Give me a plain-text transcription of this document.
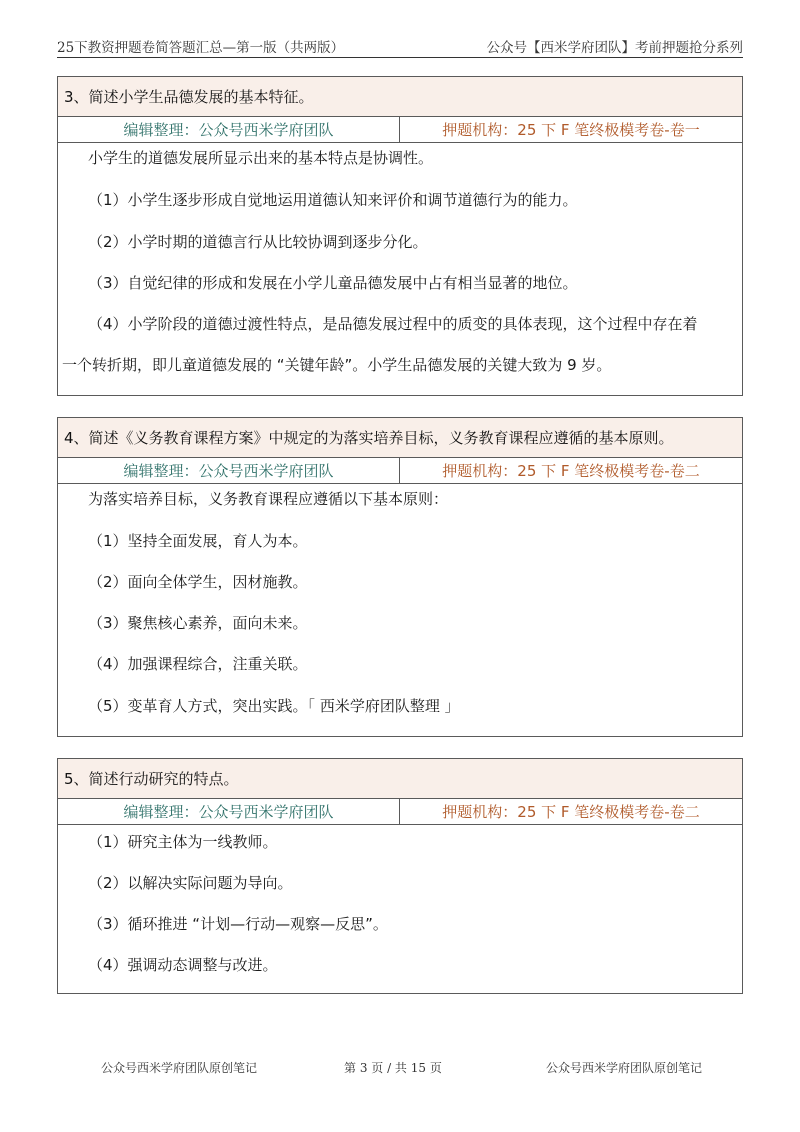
25下教资押题卷简答题汇总—第一版（共两版）	公众号【西米学府团队】考前押题抢分系列
3、简述小学生品德发展的基本特征。
编辑整理：公众号西米学府团队	押题机构：25 下 F 笔终极模考卷-卷一
小学生的道德发展所显示出来的基本特点是协调性。
（1）小学生逐步形成自觉地运用道德认知来评价和调节道德行为的能力。
（2）小学时期的道德言行从比较协调到逐步分化。
（3）自觉纪律的形成和发展在小学儿童品德发展中占有相当显著的地位。
（4）小学阶段的道德过渡性特点，是品德发展过程中的质变的具体表现，这个过程中存在着
一个转折期，即儿童道德发展的 “关键年龄”。小学生品德发展的关键大致为 9 岁。
4、简述《义务教育课程方案》中规定的为落实培养目标，义务教育课程应遵循的基本原则。
编辑整理：公众号西米学府团队	押题机构：25 下 F 笔终极模考卷-卷二
为落实培养目标，义务教育课程应遵循以下基本原则：
（1）坚持全面发展，育人为本。
（2）面向全体学生，因材施教。
（3）聚焦核心素养，面向未来。
（4）加强课程综合，注重关联。
（5）变革育人方式，突出实践。「 西米学府团队整理 」
5、简述行动研究的特点。
编辑整理：公众号西米学府团队	押题机构：25 下 F 笔终极模考卷-卷二
（1）研究主体为一线教师。
（2）以解决实际问题为导向。
（3）循环推进 “计划—行动—观察—反思”。
（4）强调动态调整与改进。
公众号西米学府团队原创笔记	第 3 页 / 共 15 页	公众号西米学府团队原创笔记
